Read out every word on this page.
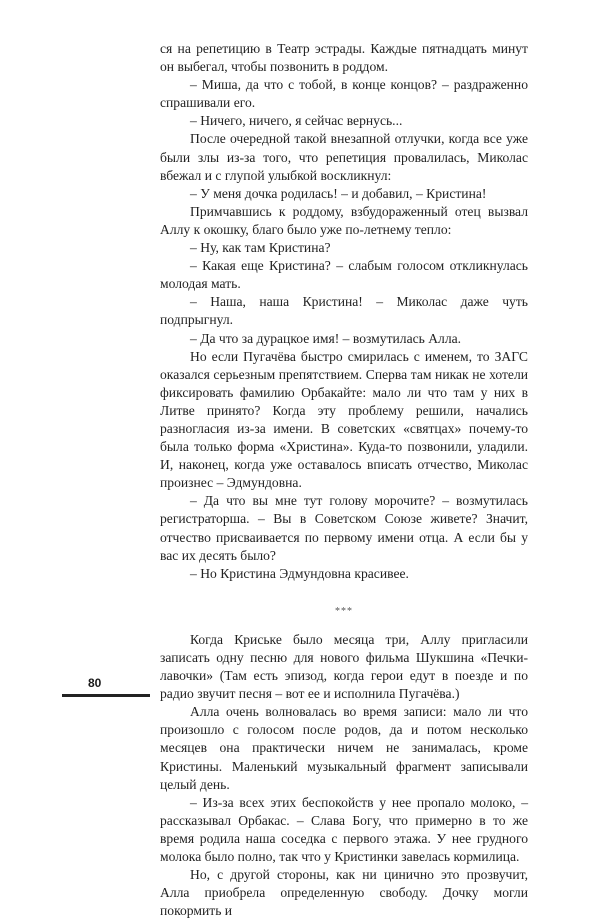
ся на репетицию в Театр эстрады. Каждые пятнадцать минут он выбегал, чтобы позвонить в роддом.

– Миша, да что с тобой, в конце концов? – раздраженно спрашивали его.

– Ничего, ничего, я сейчас вернусь...

После очередной такой внезапной отлучки, когда все уже были злы из-за того, что репетиция провалилась, Миколас вбежал и с глупой улыбкой воскликнул:

– У меня дочка родилась! – и добавил, – Кристина!

Примчавшись к роддому, взбудораженный отец вызвал Аллу к окошку, благо было уже по-летнему тепло:

– Ну, как там Кристина?

– Какая еще Кристина? – слабым голосом откликнулась молодая мать.

– Наша, наша Кристина! – Миколас даже чуть подпрыгнул.

– Да что за дурацкое имя! – возмутилась Алла.

Но если Пугачёва быстро смирилась с именем, то ЗАГС оказался серьезным препятствием. Сперва там никак не хотели фиксировать фамилию Орбакайте: мало ли что там у них в Литве принято? Когда эту проблему решили, начались разногласия из-за имени. В советских «святцах» почему-то была только форма «Христина». Куда-то позвонили, уладили. И, наконец, когда уже оставалось вписать отчество, Миколас произнес – Эдмундовна.

– Да что вы мне тут голову морочите? – возмутилась регистраторша. – Вы в Советском Союзе живете? Значит, отчество присваивается по первому имени отца. А если бы у вас их десять было?

– Но Кристина Эдмундовна красивее.

***

Когда Криське было месяца три, Аллу пригласили записать одну песню для нового фильма Шукшина «Печки-лавочки» (Там есть эпизод, когда герои едут в поезде и по радио звучит песня – вот ее и исполнила Пугачёва.)

Алла очень волновалась во время записи: мало ли что произошло с голосом после родов, да и потом несколько месяцев она практически ничем не занималась, кроме Кристины. Маленький музыкальный фрагмент записывали целый день.

– Из-за всех этих беспокойств у нее пропало молоко, – рассказывал Орбакас. – Слава Богу, что примерно в то же время родила наша соседка с первого этажа. У нее грудного молока было полно, так что у Кристинки завелась кормилица.

Но, с другой стороны, как ни цинично это прозвучит, Алла приобрела определенную свободу. Дочку могли покормить и

80
